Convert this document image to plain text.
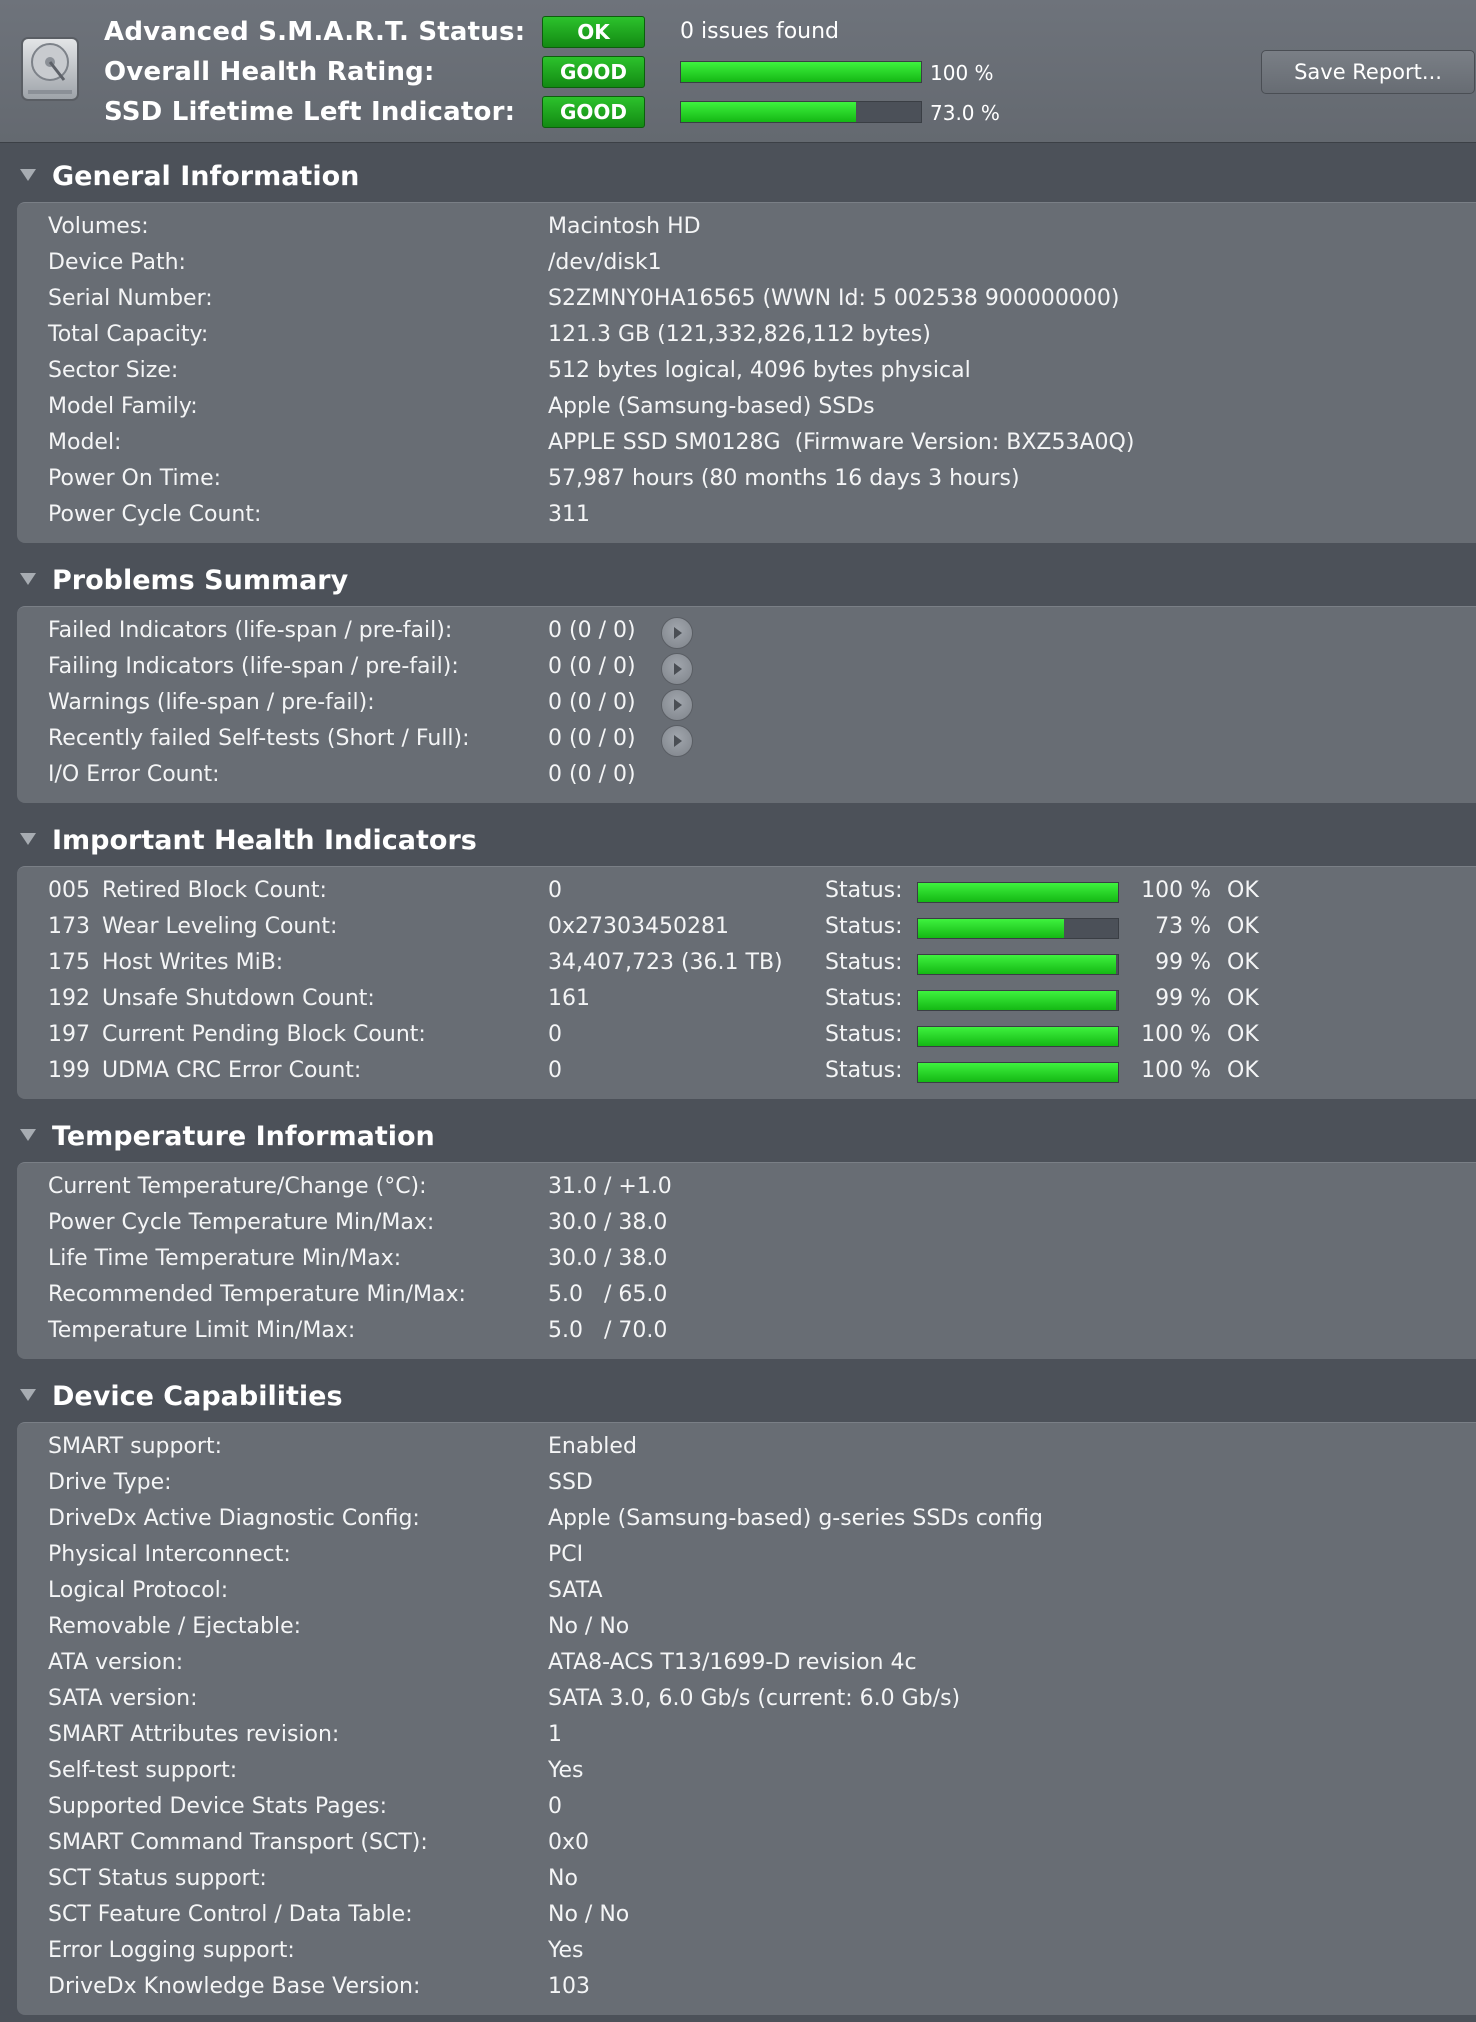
Advanced S.M.A.R.T. Status:	OK	0 issues found
Overall Health Rating:	GOOD	100 %
SSD Lifetime Left Indicator:	GOOD	73.0 %
Save Report...
General Information
Volumes:	Macintosh HD
Device Path:	/dev/disk1
Serial Number:	S2ZMNY0HA16565 (WWN Id: 5 002538 900000000)
Total Capacity:	121.3 GB (121,332,826,112 bytes)
Sector Size:	512 bytes logical, 4096 bytes physical
Model Family:	Apple (Samsung-based) SSDs
Model:	APPLE SSD SM0128G  (Firmware Version: BXZ53A0Q)
Power On Time:	57,987 hours (80 months 16 days 3 hours)
Power Cycle Count:	311
Problems Summary
Failed Indicators (life-span / pre-fail):	0 (0 / 0)
Failing Indicators (life-span / pre-fail):	0 (0 / 0)
Warnings (life-span / pre-fail):	0 (0 / 0)
Recently failed Self-tests (Short / Full):	0 (0 / 0)
I/O Error Count:	0 (0 / 0)
Important Health Indicators
005 Retired Block Count:	0	Status:	100 % OK
173 Wear Leveling Count:	0x27303450281	Status:	73 % OK
175 Host Writes MiB:	34,407,723 (36.1 TB) Status:	99 % OK
192 Unsafe Shutdown Count:	161	Status:	99 % OK
197 Current Pending Block Count:	0	Status:	100 % OK
199 UDMA CRC Error Count:	0	Status:	100 % OK
Temperature Information
Current Temperature/Change (°C):	31.0 / +1.0
Power Cycle Temperature Min/Max:	30.0 / 38.0
Life Time Temperature Min/Max:	30.0 / 38.0
Recommended Temperature Min/Max:	5.0   / 65.0
Temperature Limit Min/Max:	5.0   / 70.0
Device Capabilities
SMART support:	Enabled
Drive Type:	SSD
DriveDx Active Diagnostic Config:	Apple (Samsung-based) g-series SSDs config
Physical Interconnect:	PCI
Logical Protocol:	SATA
Removable / Ejectable:	No / No
ATA version:	ATA8-ACS T13/1699-D revision 4c
SATA version:	SATA 3.0, 6.0 Gb/s (current: 6.0 Gb/s)
SMART Attributes revision:	1
Self-test support:	Yes
Supported Device Stats Pages:	0
SMART Command Transport (SCT):	0x0
SCT Status support:	No
SCT Feature Control / Data Table:	No / No
Error Logging support:	Yes
DriveDx Knowledge Base Version:	103
